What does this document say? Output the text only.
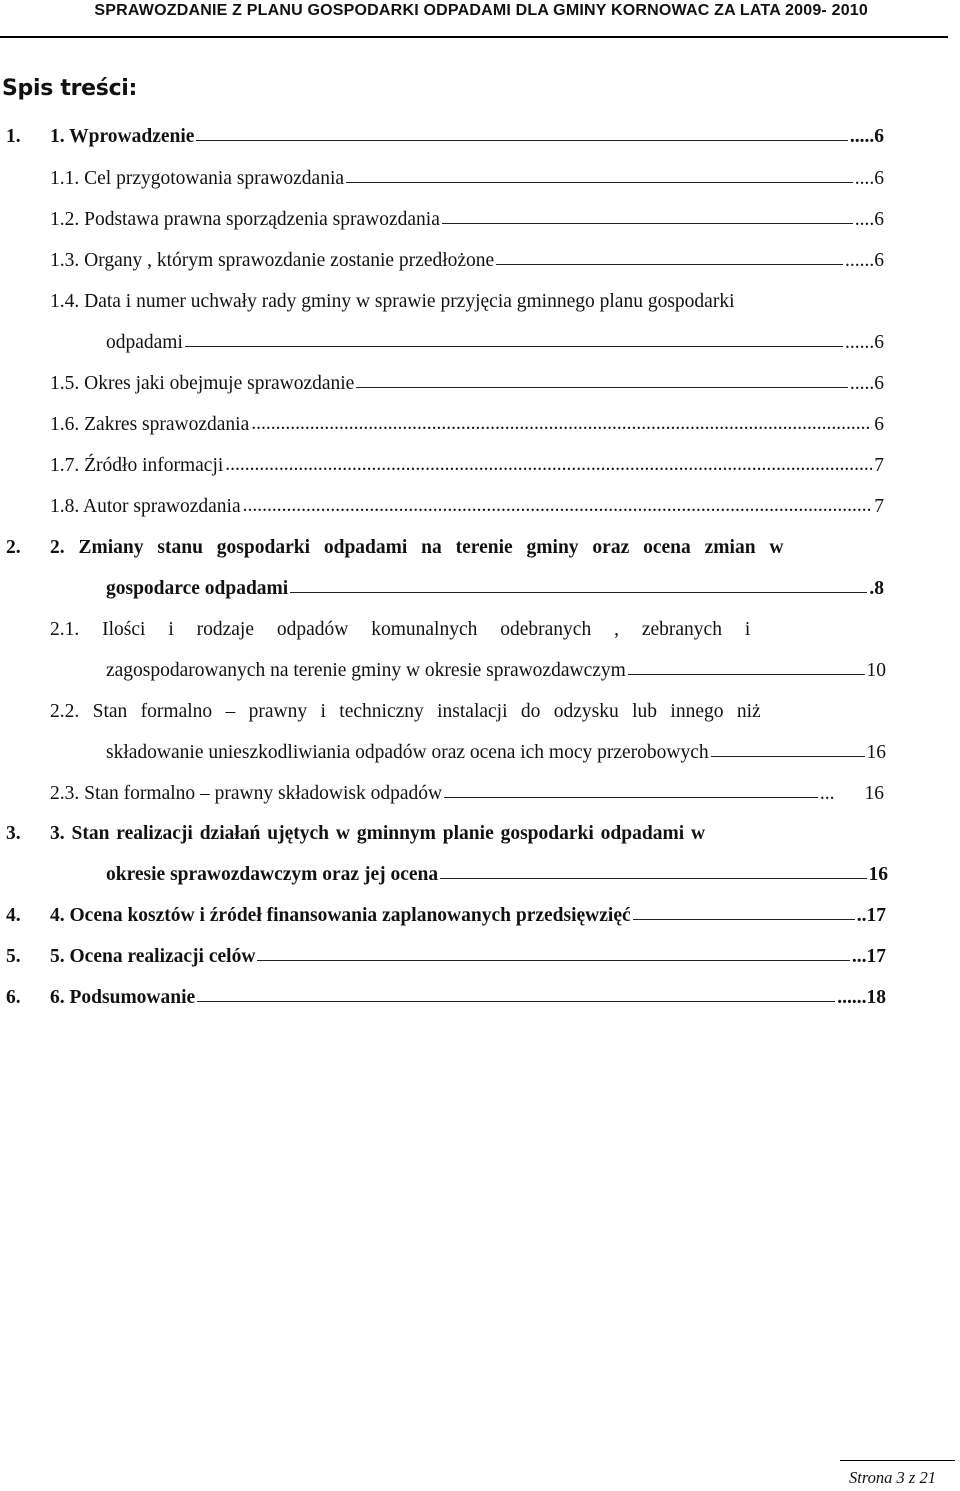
SPRAWOZDANIE Z PLANU GOSPODARKI ODPADAMI DLA GMINY KORNOWAC ZA LATA 2009- 2010
Spis treści:
1. 1. Wprowadzenie	.....6
1.1. Cel przygotowania sprawozdania	....6
1.2. Podstawa prawna sporządzenia sprawozdania	....6
1.3. Organy , którym sprawozdanie zostanie przedłożone	......6
1.4. Data i numer uchwały rady gminy w sprawie przyjęcia gminnego planu gospodarki
odpadami	......6
1.5. Okres jaki obejmuje sprawozdanie	.....6
1.6. Zakres sprawozdania .....	6
1.7. Źródło informacji .....	7
1.8. Autor sprawozdania .....	7
2. 2. Zmiany stanu gospodarki odpadami na terenie gminy oraz ocena zmian w
gospodarce odpadami	.8
2.1. Ilości i rodzaje odpadów komunalnych odebranych , zebranych i
zagospodarowanych na terenie gminy w okresie sprawozdawczym	10
2.2. Stan formalno – prawny i techniczny instalacji do odzysku lub innego niż
składowanie unieszkodliwiania odpadów oraz ocena ich mocy przerobowych	16
2.3. Stan formalno – prawny składowisk odpadów	... 16
3. 3. Stan realizacji działań ujętych w gminnym planie gospodarki odpadami w
okresie sprawozdawczym oraz jej ocena	16
4. 4. Ocena kosztów i źródeł finansowania zaplanowanych przedsięwzięć	..17
5. 5. Ocena realizacji celów	...17
6. 6. Podsumowanie	......18
Strona 3 z 21
